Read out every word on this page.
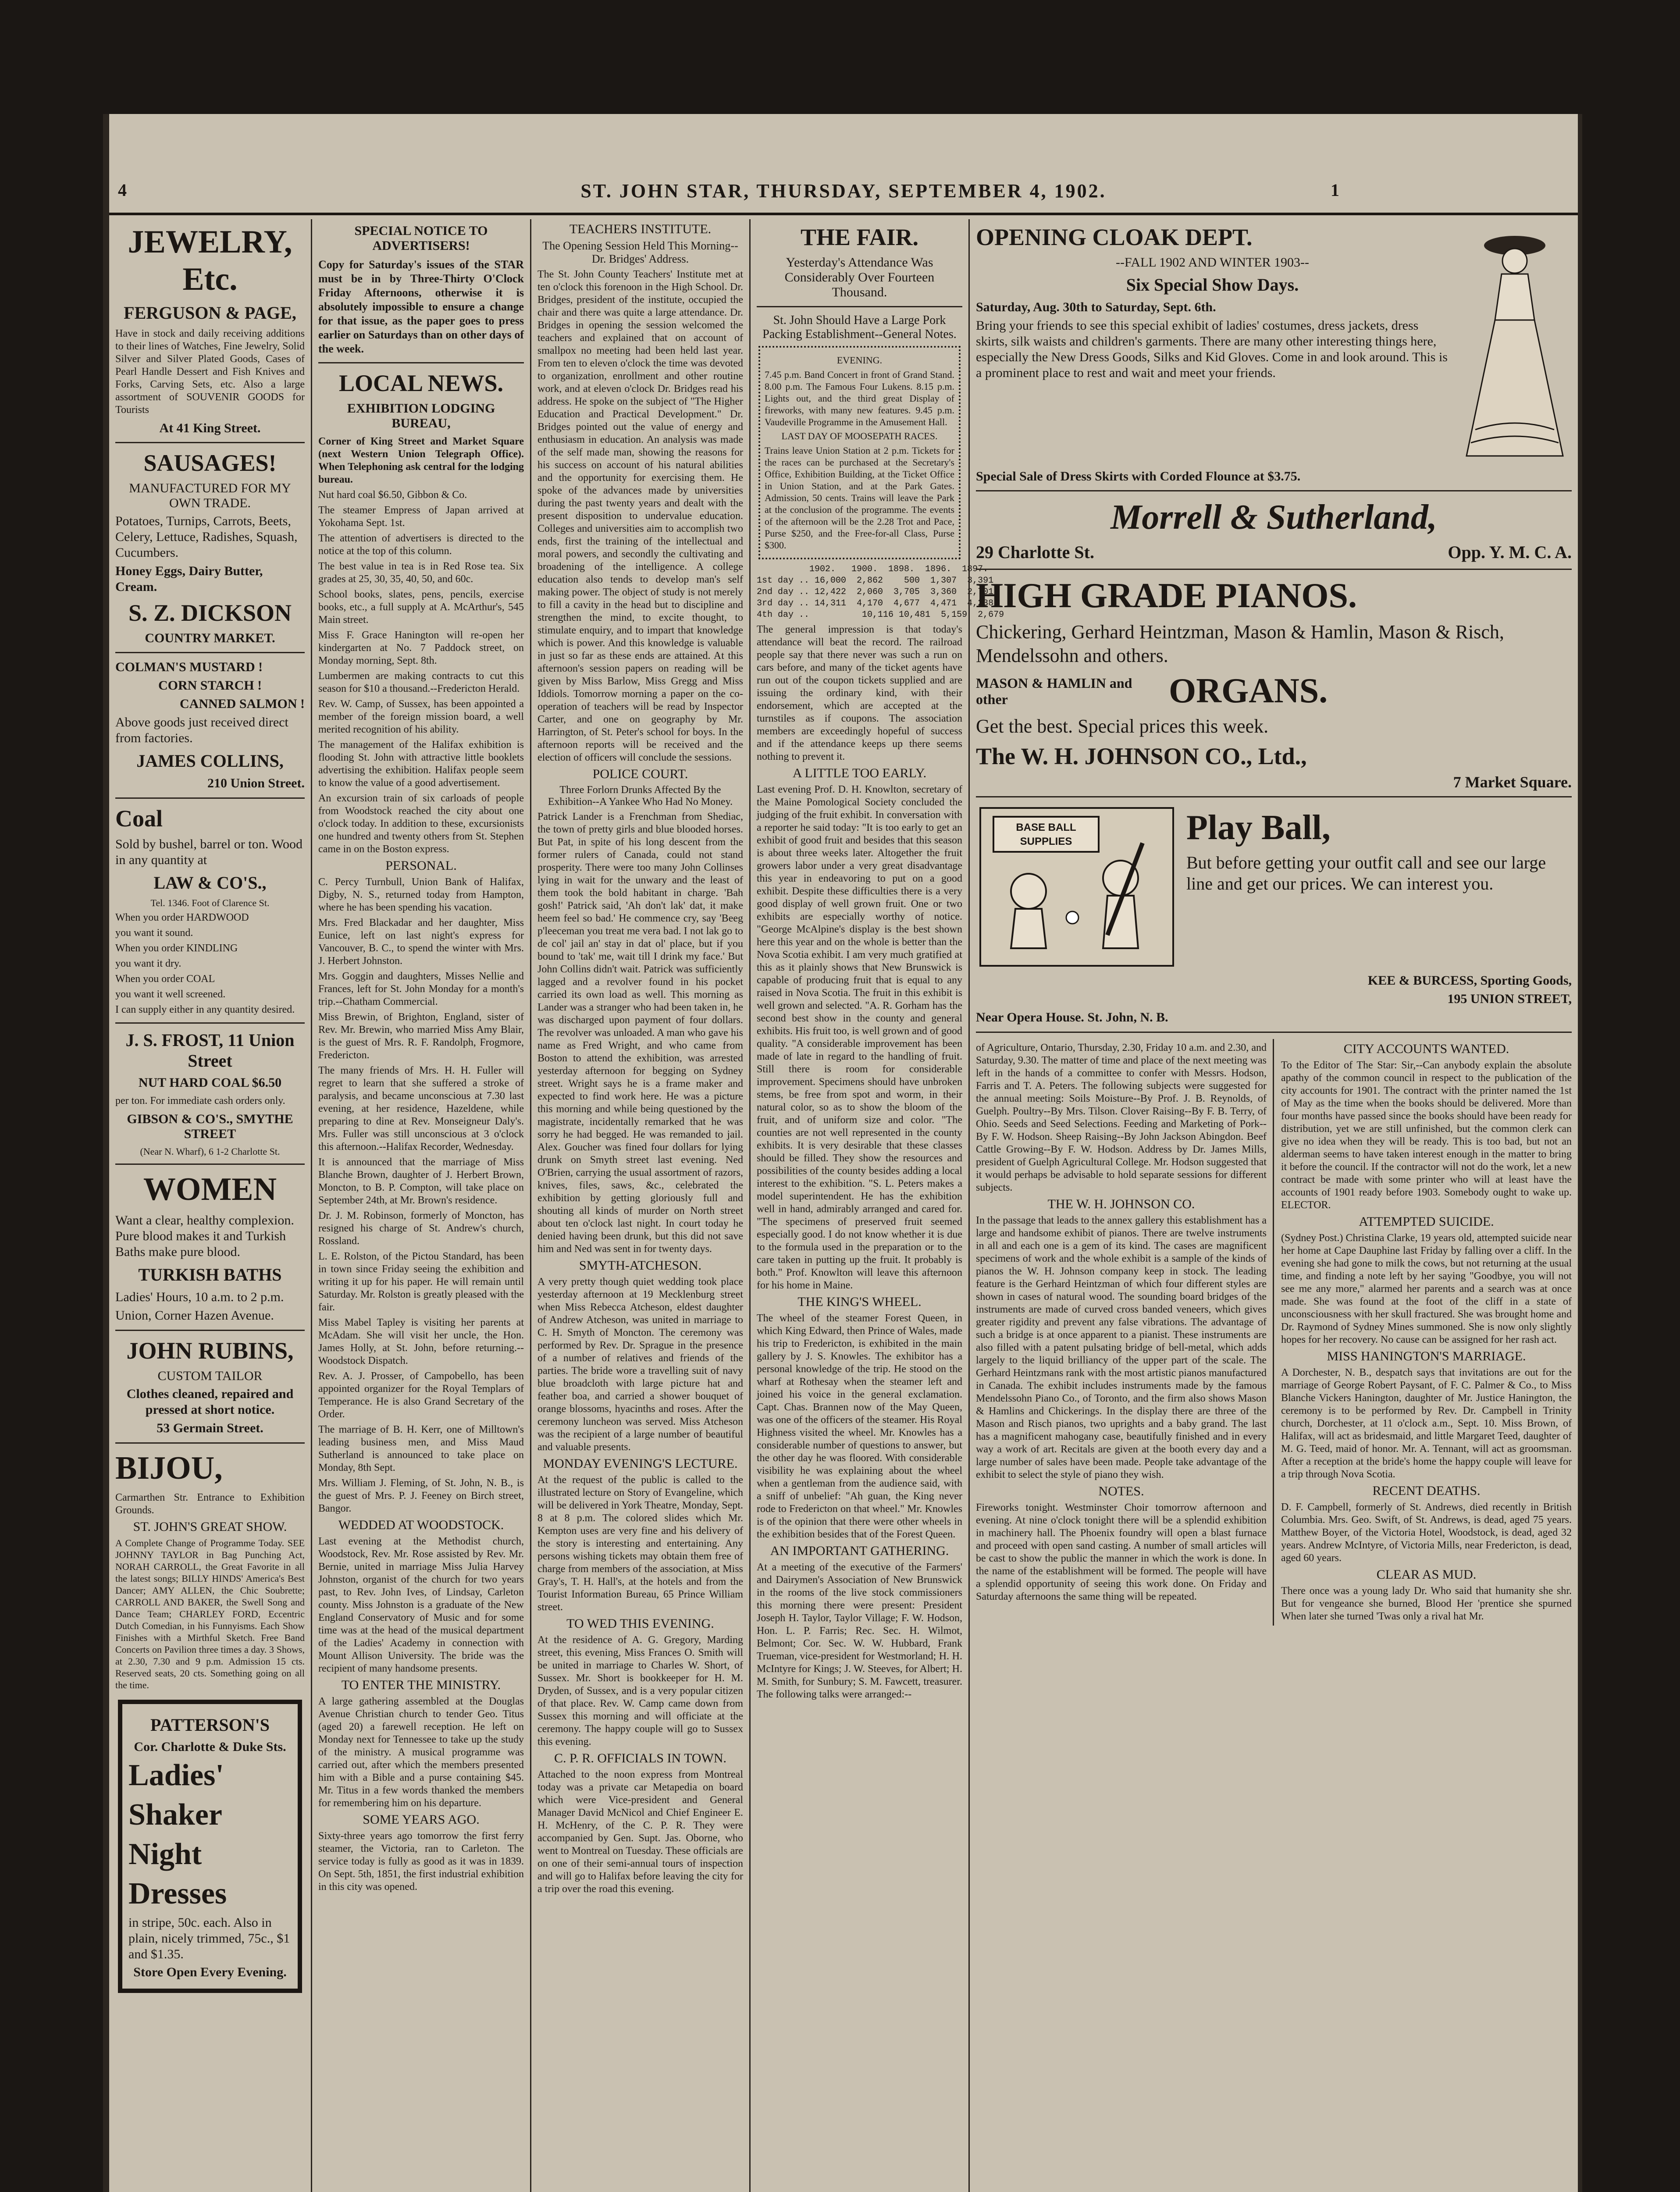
4	ST. JOHN STAR, THURSDAY, SEPTEMBER 4, 1902.	1
JEWELRY, Etc.
FERGUSON & PAGE,
Have in stock and daily receiving additions to their lines of Watches, Fine Jewelry, Solid Silver and Silver Plated Goods, Cases of Pearl Handle Dessert and Fish Knives and Forks, Carving Sets, etc. Also a large assortment of SOUVENIR GOODS for Tourists
At 41 King Street.
SAUSAGES!
MANUFACTURED FOR MY OWN TRADE.
Potatoes, Turnips, Carrots, Beets, Celery, Lettuce, Radishes, Squash, Cucumbers.
Honey Eggs, Dairy Butter, Cream.
S. Z. DICKSON
COUNTRY MARKET.
COLMAN'S MUSTARD !
CORN STARCH !
CANNED SALMON !
Above goods just received direct from factories.
JAMES COLLINS,
210 Union Street.
Coal
Sold by bushel, barrel or ton. Wood in any quantity at
LAW & CO'S.,
Tel. 1346. Foot of Clarence St.
When you order HARDWOOD
you want it sound.
When you order KINDLING
you want it dry.
When you order COAL
you want it well screened.
I can supply either in any quantity desired.
J. S. FROST, 11 Union Street
NUT HARD COAL $6.50
per ton. For immediate cash orders only.
GIBSON & CO'S., SMYTHE STREET
(Near N. Wharf), 6 1-2 Charlotte St.
WOMEN
Want a clear, healthy complexion. Pure blood makes it and Turkish Baths make pure blood.
TURKISH BATHS
Ladies' Hours, 10 a.m. to 2 p.m.
Union, Corner Hazen Avenue.
JOHN RUBINS,
CUSTOM TAILOR
Clothes cleaned, repaired and pressed at short notice.
53 Germain Street.
BIJOU,
Carmarthen Str. Entrance to Exhibition Grounds.
ST. JOHN'S GREAT SHOW.
A Complete Change of Programme Today. SEE JOHNNY TAYLOR in Bag Punching Act, NORAH CARROLL, the Great Favorite in all the latest songs; BILLY HINDS' America's Best Dancer; AMY ALLEN, the Chic Soubrette; CARROLL AND BAKER, the Swell Song and Dance Team; CHARLEY FORD, Eccentric Dutch Comedian, in his Funnyisms. Each Show Finishes with a Mirthful Sketch. Free Band Concerts on Pavilion three times a day. 3 Shows, at 2.30, 7.30 and 9 p.m. Admission 15 cts. Reserved seats, 20 cts. Something going on all the time.
PATTERSON'S
Cor. Charlotte & Duke Sts.
Ladies'
Shaker
Night
Dresses
in stripe, 50c. each. Also in plain, nicely trimmed, 75c., $1 and $1.35.
Store Open Every Evening.
SPECIAL NOTICE TO ADVERTISERS!
Copy for Saturday's issues of the STAR must be in by Three-Thirty O'Clock Friday Afternoons, otherwise it is absolutely impossible to ensure a change for that issue, as the paper goes to press earlier on Saturdays than on other days of the week.
LOCAL NEWS.
EXHIBITION LODGING BUREAU,
Corner of King Street and Market Square (next Western Union Telegraph Office). When Telephoning ask central for the lodging bureau.
Nut hard coal $6.50, Gibbon & Co.
The steamer Empress of Japan arrived at Yokohama Sept. 1st.
The attention of advertisers is directed to the notice at the top of this column.
The best value in tea is in Red Rose tea. Six grades at 25, 30, 35, 40, 50, and 60c.
School books, slates, pens, pencils, exercise books, etc., a full supply at A. McArthur's, 545 Main street.
Miss F. Grace Hanington will re-open her kindergarten at No. 7 Paddock street, on Monday morning, Sept. 8th.
Lumbermen are making contracts to cut this season for $10 a thousand.--Fredericton Herald.
Rev. W. Camp, of Sussex, has been appointed a member of the foreign mission board, a well merited recognition of his ability.
The management of the Halifax exhibition is flooding St. John with attractive little booklets advertising the exhibition. Halifax people seem to know the value of a good advertisement.
An excursion train of six carloads of people from Woodstock reached the city about one o'clock today. In addition to these, excursionists one hundred and twenty others from St. Stephen came in on the Boston express.
PERSONAL.
C. Percy Turnbull, Union Bank of Halifax, Digby, N. S., returned today from Hampton, where he has been spending his vacation.
Mrs. Fred Blackadar and her daughter, Miss Eunice, left on last night's express for Vancouver, B. C., to spend the winter with Mrs. J. Herbert Johnston.
Mrs. Goggin and daughters, Misses Nellie and Frances, left for St. John Monday for a month's trip.--Chatham Commercial.
Miss Brewin, of Brighton, England, sister of Rev. Mr. Brewin, who married Miss Amy Blair, is the guest of Mrs. R. F. Randolph, Frogmore, Fredericton.
The many friends of Mrs. H. H. Fuller will regret to learn that she suffered a stroke of paralysis, and became unconscious at 7.30 last evening, at her residence, Hazeldene, while preparing to dine at Rev. Monseigneur Daly's. Mrs. Fuller was still unconscious at 3 o'clock this afternoon.--Halifax Recorder, Wednesday.
It is announced that the marriage of Miss Blanche Brown, daughter of J. Herbert Brown, Moncton, to B. P. Compton, will take place on September 24th, at Mr. Brown's residence.
Dr. J. M. Robinson, formerly of Moncton, has resigned his charge of St. Andrew's church, Rossland.
L. E. Rolston, of the Pictou Standard, has been in town since Friday seeing the exhibition and writing it up for his paper. He will remain until Saturday. Mr. Rolston is greatly pleased with the fair.
Miss Mabel Tapley is visiting her parents at McAdam. She will visit her uncle, the Hon. James Holly, at St. John, before returning.--Woodstock Dispatch.
Rev. A. J. Prosser, of Campobello, has been appointed organizer for the Royal Templars of Temperance. He is also Grand Secretary of the Order.
The marriage of B. H. Kerr, one of Milltown's leading business men, and Miss Maud Sutherland is announced to take place on Monday, 8th Sept.
Mrs. William J. Fleming, of St. John, N. B., is the guest of Mrs. P. J. Feeney on Birch street, Bangor.
WEDDED AT WOODSTOCK.
Last evening at the Methodist church, Woodstock, Rev. Mr. Rose assisted by Rev. Mr. Bernie, united in marriage Miss Julia Harvey Johnston, organist of the church for two years past, to Rev. John Ives, of Lindsay, Carleton county. Miss Johnston is a graduate of the New England Conservatory of Music and for some time was at the head of the musical department of the Ladies' Academy in connection with Mount Allison University. The bride was the recipient of many handsome presents.
TO ENTER THE MINISTRY.
A large gathering assembled at the Douglas Avenue Christian church to tender Geo. Titus (aged 20) a farewell reception. He left on Monday next for Tennessee to take up the study of the ministry. A musical programme was carried out, after which the members presented him with a Bible and a purse containing $45. Mr. Titus in a few words thanked the members for remembering him on his departure.
SOME YEARS AGO.
Sixty-three years ago tomorrow the first ferry steamer, the Victoria, ran to Carleton. The service today is fully as good as it was in 1839. On Sept. 5th, 1851, the first industrial exhibition in this city was opened.
TEACHERS INSTITUTE.
The Opening Session Held This Morning--Dr. Bridges' Address.
The St. John County Teachers' Institute met at ten o'clock this forenoon in the High School. Dr. Bridges, president of the institute, occupied the chair and there was quite a large attendance. Dr. Bridges in opening the session welcomed the teachers and explained that on account of smallpox no meeting had been held last year. From ten to eleven o'clock the time was devoted to organization, enrollment and other routine work, and at eleven o'clock Dr. Bridges read his address. He spoke on the subject of "The Higher Education and Practical Development." Dr. Bridges pointed out the value of energy and enthusiasm in education. An analysis was made of the self made man, showing the reasons for his success on account of his natural abilities and the opportunity for exercising them. He spoke of the advances made by universities during the past twenty years and dealt with the present disposition to undervalue education. Colleges and universities aim to accomplish two ends, first the training of the intellectual and moral powers, and secondly the cultivating and broadening of the intelligence. A college education also tends to develop man's self making power. The object of study is not merely to fill a cavity in the head but to discipline and strengthen the mind, to excite thought, to stimulate enquiry, and to impart that knowledge which is power. And this knowledge is valuable in just so far as these ends are attained. At this afternoon's session papers on reading will be given by Miss Barlow, Miss Gregg and Miss Iddiols. Tomorrow morning a paper on the co-operation of teachers will be read by Inspector Carter, and one on geography by Mr. Harrington, of St. Peter's school for boys. In the afternoon reports will be received and the election of officers will conclude the sessions.
POLICE COURT.
Three Forlorn Drunks Affected By the Exhibition--A Yankee Who Had No Money.
Patrick Lander is a Frenchman from Shediac, the town of pretty girls and blue blooded horses. But Pat, in spite of his long descent from the former rulers of Canada, could not stand prosperity. There were too many John Collinses lying in wait for the unwary and the least of them took the bold habitant in charge. 'Bah gosh!' Patrick said, 'Ah don't lak' dat, it make heem feel so bad.' He commence cry, say 'Beeg p'leeceman you treat me vera bad. I not lak go to de col' jail an' stay in dat ol' place, but if you bound to 'tak' me, wait till I drink my face.' But John Collins didn't wait. Patrick was sufficiently lagged and a revolver found in his pocket carried its own load as well. This morning as Lander was a stranger who had been taken in, he was discharged upon payment of four dollars. The revolver was unloaded. A man who gave his name as Fred Wright, and who came from Boston to attend the exhibition, was arrested yesterday afternoon for begging on Sydney street. Wright says he is a frame maker and expected to find work here. He was a picture this morning and while being questioned by the magistrate, incidentally remarked that he was sorry he had begged. He was remanded to jail. Alex. Goucher was fined four dollars for lying drunk on Smyth street last evening. Ned O'Brien, carrying the usual assortment of razors, knives, files, saws, &c., celebrated the exhibition by getting gloriously full and shouting all kinds of murder on North street about ten o'clock last night. In court today he denied having been drunk, but this did not save him and Ned was sent in for twenty days.
SMYTH-ATCHESON.
A very pretty though quiet wedding took place yesterday afternoon at 19 Mecklenburg street when Miss Rebecca Atcheson, eldest daughter of Andrew Atcheson, was united in marriage to C. H. Smyth of Moncton. The ceremony was performed by Rev. Dr. Sprague in the presence of a number of relatives and friends of the parties. The bride wore a travelling suit of navy blue broadcloth with large picture hat and feather boa, and carried a shower bouquet of orange blossoms, hyacinths and roses. After the ceremony luncheon was served. Miss Atcheson was the recipient of a large number of beautiful and valuable presents.
MONDAY EVENING'S LECTURE.
At the request of the public is called to the illustrated lecture on Story of Evangeline, which will be delivered in York Theatre, Monday, Sept. 8 at 8 p.m. The colored slides which Mr. Kempton uses are very fine and his delivery of the story is interesting and entertaining. Any persons wishing tickets may obtain them free of charge from members of the association, at Miss Gray's, T. H. Hall's, at the hotels and from the Tourist Information Bureau, 65 Prince William street.
TO WED THIS EVENING.
At the residence of A. G. Gregory, Marding street, this evening, Miss Frances O. Smith will be united in marriage to Charles W. Short, of Sussex. Mr. Short is bookkeeper for H. M. Dryden, of Sussex, and is a very popular citizen of that place. Rev. W. Camp came down from Sussex this morning and will officiate at the ceremony. The happy couple will go to Sussex this evening.
C. P. R. OFFICIALS IN TOWN.
Attached to the noon express from Montreal today was a private car Metapedia on board which were Vice-president and General Manager David McNicol and Chief Engineer E. H. McHenry, of the C. P. R. They were accompanied by Gen. Supt. Jas. Oborne, who went to Montreal on Tuesday. These officials are on one of their semi-annual tours of inspection and will go to Halifax before leaving the city for a trip over the road this evening.
THE FAIR.
Yesterday's Attendance Was Considerably Over Fourteen Thousand.
St. John Should Have a Large Pork Packing Establishment--General Notes.
EVENING.
7.45 p.m. Band Concert in front of Grand Stand. 8.00 p.m. The Famous Four Lukens. 8.15 p.m. Lights out, and the third great Display of fireworks, with many new features. 9.45 p.m. Vaudeville Programme in the Amusement Hall.
LAST DAY OF MOOSEPATH RACES.
Trains leave Union Station at 2 p.m. Tickets for the races can be purchased at the Secretary's Office, Exhibition Building, at the Ticket Office in Union Station, and at the Park Gates. Admission, 50 cents. Trains will leave the Park at the conclusion of the programme. The events of the afternoon will be the 2.28 Trot and Pace, Purse $250, and the Free-for-all Class, Purse $300.
1902.   1900.  1898.  1896.  1897.
1st day .. 16,000  2,862    500  1,307  3,391
2nd day .. 12,422  2,060  3,705  3,360  2,701
3rd day .. 14,311  4,170  4,677  4,471  4,238
4th day ..          10,116 10,481  5,159  2,679
The general impression is that today's attendance will beat the record. The railroad people say that there never was such a run on cars before, and many of the ticket agents have run out of the coupon tickets supplied and are issuing the ordinary kind, with their endorsement, which are accepted at the turnstiles as if coupons. The association members are exceedingly hopeful of success and if the attendance keeps up there seems nothing to prevent it.
A LITTLE TOO EARLY.
Last evening Prof. D. H. Knowlton, secretary of the Maine Pomological Society concluded the judging of the fruit exhibit. In conversation with a reporter he said today: "It is too early to get an exhibit of good fruit and besides that this season is about three weeks later. Altogether the fruit growers labor under a very great disadvantage this year in endeavoring to put on a good exhibit. Despite these difficulties there is a very good display of well grown fruit. One or two exhibits are especially worthy of notice. "George McAlpine's display is the best shown here this year and on the whole is better than the Nova Scotia exhibit. I am very much gratified at this as it plainly shows that New Brunswick is capable of producing fruit that is equal to any raised in Nova Scotia. The fruit in this exhibit is well grown and selected. "A. R. Gorham has the second best show in the county and general exhibits. His fruit too, is well grown and of good quality. "A considerable improvement has been made of late in regard to the handling of fruit. Still there is room for considerable improvement. Specimens should have unbroken stems, be free from spot and worm, in their natural color, so as to show the bloom of the fruit, and of uniform size and color. "The counties are not well represented in the county exhibits. It is very desirable that these classes should be filled. They show the resources and possibilities of the county besides adding a local interest to the exhibition. "S. L. Peters makes a model superintendent. He has the exhibition well in hand, admirably arranged and cared for. "The specimens of preserved fruit seemed especially good. I do not know whether it is due to the formula used in the preparation or to the care taken in putting up the fruit. It probably is both." Prof. Knowlton will leave this afternoon for his home in Maine.
THE KING'S WHEEL.
The wheel of the steamer Forest Queen, in which King Edward, then Prince of Wales, made his trip to Fredericton, is exhibited in the main gallery by J. S. Knowles. The exhibitor has a personal knowledge of the trip. He stood on the wharf at Rothesay when the steamer left and joined his voice in the general exclamation. Capt. Chas. Brannen now of the May Queen, was one of the officers of the steamer. His Royal Highness visited the wheel. Mr. Knowles has a considerable number of questions to answer, but the other day he was floored. With considerable visibility he was explaining about the wheel when a gentleman from the audience said, with a sniff of unbelief: "Ah guan, the King never rode to Fredericton on that wheel." Mr. Knowles is of the opinion that there were other wheels in the exhibition besides that of the Forest Queen.
AN IMPORTANT GATHERING.
At a meeting of the executive of the Farmers' and Dairymen's Association of New Brunswick in the rooms of the live stock commissioners this morning there were present: President Joseph H. Taylor, Taylor Village; F. W. Hodson, Hon. L. P. Farris; Rec. Sec. H. Wilmot, Belmont; Cor. Sec. W. W. Hubbard, Frank Trueman, vice-president for Westmorland; H. H. McIntyre for Kings; J. W. Steeves, for Albert; H. M. Smith, for Sunbury; S. M. Fawcett, treasurer. The following talks were arranged:--
OPENING CLOAK DEPT.
--FALL 1902 AND WINTER 1903--
Six Special Show Days.
Saturday, Aug. 30th to Saturday, Sept. 6th.
Bring your friends to see this special exhibit of ladies' costumes, dress jackets, dress skirts, silk waists and children's garments. There are many other interesting things here, especially the New Dress Goods, Silks and Kid Gloves. Come in and look around. This is a prominent place to rest and wait and meet your friends.
Special Sale of Dress Skirts with Corded Flounce at $3.75.
Morrell & Sutherland,
29 Charlotte St.	Opp. Y. M. C. A.
HIGH GRADE PIANOS.
Chickering, Gerhard Heintzman, Mason & Hamlin, Mason & Risch, Mendelssohn and others.
MASON & HAMLIN and other	ORGANS.
Get the best. Special prices this week.
The W. H. JOHNSON CO., Ltd.,
7 Market Square.
BASE BALL
SUPPLIES	Play Ball,
But before getting your outfit call and see our large line and get our prices. We can interest you.
KEE & BURCESS, Sporting Goods,
195 UNION STREET,
Near Opera House. St. John, N. B.
of Agriculture, Ontario, Thursday, 2.30, Friday 10 a.m. and 2.30, and Saturday, 9.30. The matter of time and place of the next meeting was left in the hands of a committee to confer with Messrs. Hodson, Farris and T. A. Peters. The following subjects were suggested for the annual meeting: Soils Moisture--By Prof. J. B. Reynolds, of Guelph. Poultry--By Mrs. Tilson. Clover Raising--By F. B. Terry, of Ohio. Seeds and Seed Selections. Feeding and Marketing of Pork--By F. W. Hodson. Sheep Raising--By John Jackson Abingdon. Beef Cattle Growing--By F. W. Hodson. Address by Dr. James Mills, president of Guelph Agricultural College. Mr. Hodson suggested that it would perhaps be advisable to hold separate sessions for different subjects.
THE W. H. JOHNSON CO.
In the passage that leads to the annex gallery this establishment has a large and handsome exhibit of pianos. There are twelve instruments in all and each one is a gem of its kind. The cases are magnificent specimens of work and the whole exhibit is a sample of the kinds of pianos the W. H. Johnson company keep in stock. The leading feature is the Gerhard Heintzman of which four different styles are shown in cases of natural wood. The sounding board bridges of the instruments are made of curved cross banded veneers, which gives greater rigidity and prevent any false vibrations. The advantage of such a bridge is at once apparent to a pianist. These instruments are also filled with a patent pulsating bridge of bell-metal, which adds largely to the liquid brilliancy of the upper part of the scale. The Gerhard Heintzmans rank with the most artistic pianos manufactured in Canada. The exhibit includes instruments made by the famous Mendelssohn Piano Co., of Toronto, and the firm also shows Mason & Hamlins and Chickerings. In the display there are three of the Mason and Risch pianos, two uprights and a baby grand. The last has a magnificent mahogany case, beautifully finished and in every way a work of art. Recitals are given at the booth every day and a large number of sales have been made. People take advantage of the exhibit to select the style of piano they wish.
NOTES.
Fireworks tonight. Westminster Choir tomorrow afternoon and evening. At nine o'clock tonight there will be a splendid exhibition in machinery hall. The Phoenix foundry will open a blast furnace and proceed with open sand casting. A number of small articles will be cast to show the public the manner in which the work is done. In the name of the establishment will be formed. The people will have a splendid opportunity of seeing this work done. On Friday and Saturday afternoons the same thing will be repeated.
CITY ACCOUNTS WANTED.
To the Editor of The Star: Sir,--Can anybody explain the absolute apathy of the common council in respect to the publication of the city accounts for 1901. The contract with the printer named the 1st of May as the time when the books should be delivered. More than four months have passed since the books should have been ready for distribution, yet we are still unfinished, but the common clerk can give no idea when they will be ready. This is too bad, but not an alderman seems to have taken interest enough in the matter to bring it before the council. If the contractor will not do the work, let a new contract be made with some printer who will at least have the accounts of 1901 ready before 1903. Somebody ought to wake up. ELECTOR.
ATTEMPTED SUICIDE.
(Sydney Post.) Christina Clarke, 19 years old, attempted suicide near her home at Cape Dauphine last Friday by falling over a cliff. In the evening she had gone to milk the cows, but not returning at the usual time, and finding a note left by her saying "Goodbye, you will not see me any more," alarmed her parents and a search was at once made. She was found at the foot of the cliff in a state of unconsciousness with her skull fractured. She was brought home and Dr. Raymond of Sydney Mines summoned. She is now only slightly hopes for her recovery. No cause can be assigned for her rash act.
MISS HANINGTON'S MARRIAGE.
A Dorchester, N. B., despatch says that invitations are out for the marriage of George Robert Paysant, of F. C. Palmer & Co., to Miss Blanche Vickers Hanington, daughter of Mr. Justice Hanington, the ceremony is to be performed by Rev. Dr. Campbell in Trinity church, Dorchester, at 11 o'clock a.m., Sept. 10. Miss Brown, of Halifax, will act as bridesmaid, and little Margaret Teed, daughter of M. G. Teed, maid of honor. Mr. A. Tennant, will act as groomsman. After a reception at the bride's home the happy couple will leave for a trip through Nova Scotia.
RECENT DEATHS.
D. F. Campbell, formerly of St. Andrews, died recently in British Columbia. Mrs. Geo. Swift, of St. Andrews, is dead, aged 75 years. Matthew Boyer, of the Victoria Hotel, Woodstock, is dead, aged 32 years. Andrew McIntyre, of Victoria Mills, near Fredericton, is dead, aged 60 years.
CLEAR AS MUD.
There once was a young lady Dr. Who said that humanity she shr. But for vengeance she burned, Blood Her 'prentice she spurned When later she turned 'Twas only a rival hat Mr.
